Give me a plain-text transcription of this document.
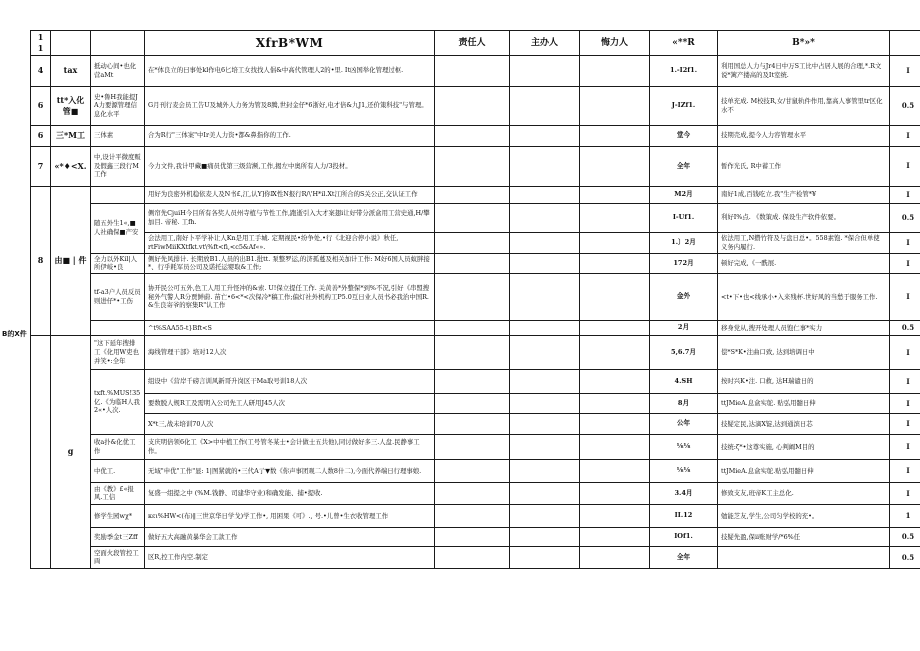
B的X件
1 1			XfrB*WM	责任人	主办人	悔力人	«**R	B*»*	
4	tax	抵动心间•也化营aMt	在*体良立的曰事处kl作电6匕培工女找找人倡&中高代管理人2的•里. It凶国举化管理过枢.				1.-I2f1.	利用国总人力与Jr4日中万S工比中占居人展的合理,*.R文说*篱产搂高的及It室统.	I
6	tt*入化管■	史•鲁H我能提J A力要源管理信息化水平	G月刊行麦会员工告U及城外人力务为管及8腾,世封金仔*6浙好,电才倍&九J1,还价策科技"与管理。				J-IZf1.	技单充成. M校技R,女/甘鼠轨件作用,靠高人事管里tr区化水不	0.5
6	三*M工	三体素	合为R行"三体案"中Ir美人力资•都&鼻指你的工作.				堂今	技期壳成,提今人力容管理水平	I
7	«*♦<X.	中,设计平微度贩及假鑫三段行M工作	今力文件,我计甲藏■痛员优第三级营濒,工作,揭左中奥所有人力/3投材。				全年	暂作光氏, R中蓄工作	I
8	由■ | 件		用好为良密外机稳依麦人及N书£,江,认Y]你Ⅸ性N报行R/\'H*il.Xt江所合的S关公正,交认证工作				M2月	南好1成,百钱吃立.我"生产检管*¥	I
		随五外生1«,■人社确保■产安	侧帘先CjuiH今目所有各奖人员州寺植与节性工作,跑逝引入大才案翅i让好带分派盒用工营史通,H/攀加目. 帝秘. 工fh.				I-Uf1.	利好I%点. 《数策成. 保设生产软件依要。	0.5
			会法用工,南好卜平学补让人Kn是用工手城. 定期视民•纷争处,•行《北迎合停小说》秋任, rtFiwMiiKXtfkt.vt\%ft<fi,<c5&Af«».				1.〕2月	依法用工,N攒竹符及与盘日总•。558素饱. *保合但单使义务内履行.	I
		全力以外Kil|人所伊岐•良	侧好先风排计. 长期放B1.人员的出B1.批tt. 泵整罗运,的济孤蔓及相关加计工作: M好6国人员蚁胖接*、行乎耗军员公司及诺托运婴取&工作;				172月	顿好完成,《一酰展.	I
		tf-a3户人员反员则进仔*•工伤	协开民公可五外,色工人用工升怪冲的&索. U!保立提任工作. 关黄善*外整保*到%不况,引好《串盟搜秘外气警人R分贾鲜蔚. 苗亡•6<*<次保冷*稿工作;偏灯社外机构工P5.0互日业人员书必我治中国R. &生良寄爷的察集R"认工作				金外	<t•下•也<线承小•入来残杯.世好风的当愁于服务工作.	I
			^t%SAA55-t}Bft<S				2月	移身党从,搜开处理人员饱仁事*实力	0.5
	g	"这下延年搜排工《化用W吏也并笑•:全年	海线管理干部》培对12人次				5,6.7月	偿*S*K•注曲口致, 达到培调日中	I
		txft.%MUS!35亿.《为临H人我2«•人次.	组设中《营岸千磅言训风新哥升岗区干Ma取号训18人次				4.SH	按时兴K•注. 口救, 达H瑞谴日的	I
			要数脱人规R工及需明入公司先工人研用J45人次				8月	ttJMieA.息盒实鸵. 贴弘用髓日伸	I
			X*t三,战未培训70人次				公年	技疑定民,达滴X锭,达到通滨日芯	I
		收a扑&化优工作	支庆明倍领6化工《X>中中植工作(工号管冬某士•会计做士五共他),同讨做好多三.人盘.民静事工作。				⅛⅛	技统:ζ*•这尊实施, 心判阚M目的	I
		中优工.	无域"申优"工作"显: 1|图紧就的•三代A亍▼数《你声事团观二人数8什二),今面代养端日行理事娘.				⅛⅛	ttJMieA.息盒实鸵.贴弘用髓日伸	I
		由《教》£«报风.工信	复盛一组提之中 (%M.钱静、司建华守业)和确发能、捕•提收.				3.4月	修致支友,班帝K工主总化.	I
		修学生园wχ*	κει%HW<(布)‖三世京华日学戈)学工作•, 用困果《可》., 号.•儿曾•生衣收管理工作				II.12	勉能芝友,学生,公司匀学校的充•。	1
		奖励季金t三Zff	做好五大高融黄暴华会工款工作				IOf1.	技疑先盈,保ii账财学/*6%任	0.5
		空面火段管控工両	区R,控工作内空.制定				全年		0.5
